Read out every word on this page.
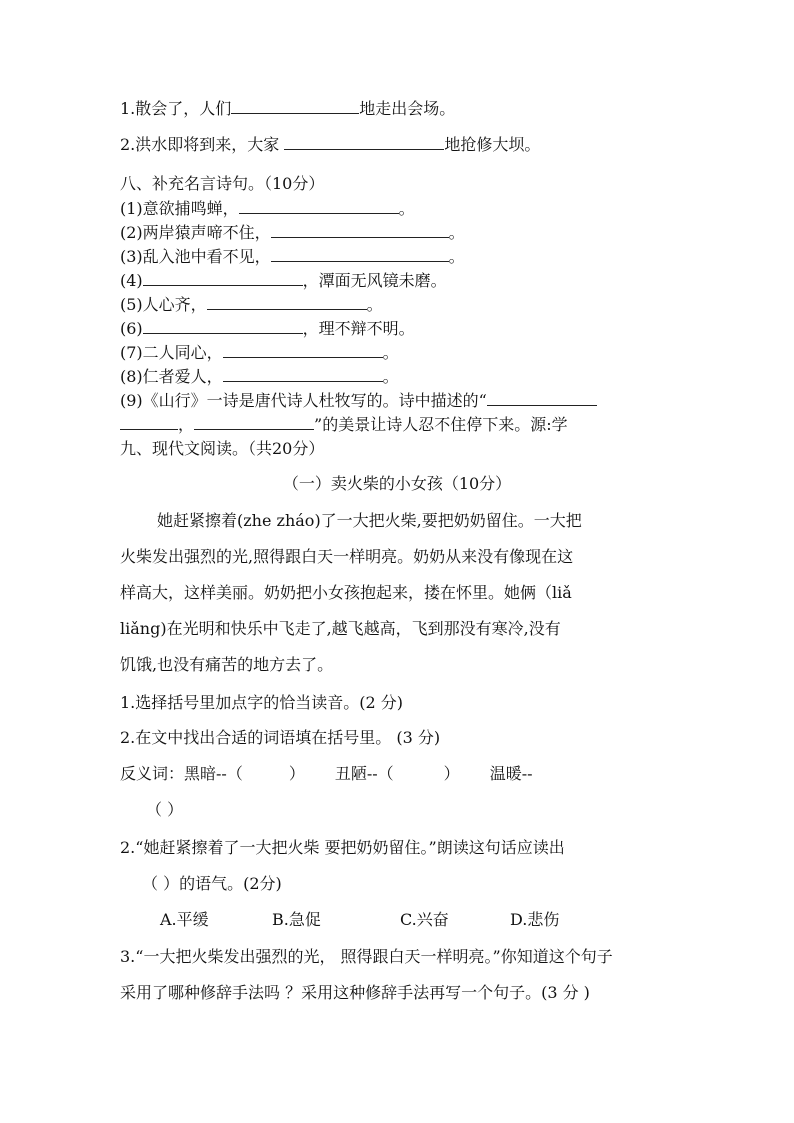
1.散会了，人们	地走出会场。
2.洪水即将到来，大家	地抢修大坝。
八、补充名言诗句。（10分）
(1)意欲捕鸣蝉，	。
(2)两岸猿声啼不住，	。
(3)乱入池中看不见，	。
(4)	，潭面无风镜未磨。
(5)人心齐，	。
(6)	，理不辩不明。
(7)二人同心，	。
(8)仁者爱人，	。
(9)《山行》一诗是唐代诗人杜牧写的。诗中描述的“
，	”的美景让诗人忍不住停下来。源:学
九、现代文阅读。（共20分）
（一）卖火柴的小女孩（10分）
她赶紧擦着(zhe zháo)了一大把火柴,要把奶奶留住。一大把
火柴发出强烈的光,照得跟白天一样明亮。奶奶从来没有像现在这
样高大，这样美丽。奶奶把小女孩抱起来，搂在怀里。她俩（liǎ
liǎng)在光明和快乐中飞走了,越飞越高，飞到那没有寒冷,没有
饥饿,也没有痛苦的地方去了。
1.选择括号里加点字的恰当读音。(2 分)
2.在文中找出合适的词语填在括号里。 (3 分)
反义词：黑暗--（	） 丑陋--（	） 温暖--
（ ）
2.“她赶紧擦着了一大把火柴 要把奶奶留住。”朗读这句话应读出
（ ）的语气。(2分)
A.平缓	B.急促	C.兴奋	D.悲伤
3.“一大把火柴发出强烈的光， 照得跟白天一样明亮。”你知道这个句子
采用了哪种修辞手法吗 ？采用这种修辞手法再写一个句子。(3 分 )
